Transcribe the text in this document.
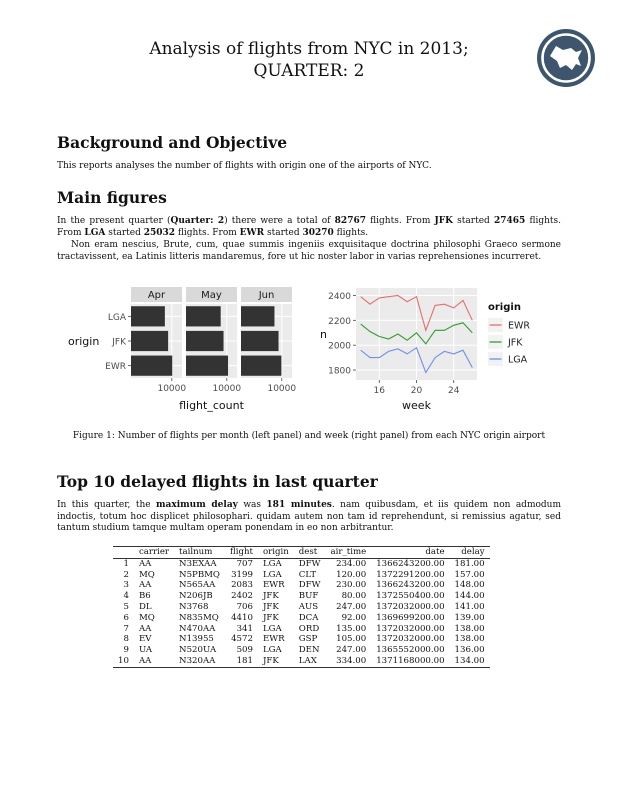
Analysis of flights from NYC in 2013;
QUARTER: 2
Background and Objective
This reports analyses the number of flights with origin one of the airports of NYC.
Main figures
In the present quarter (Quarter: 2) there were a total of 82767 flights. From JFK started 27465 flights. From LGA started 25032 flights. From EWR started 30270 flights.
Non eram nescius, Brute, cum, quae summis ingeniis exquisitaque doctrina philosophi Graeco sermone tractavissent, ea Latinis litteris mandaremus, fore ut hic noster labor in varias reprehensiones incurreret.
Apr
10000
May
10000
Jun
10000
LGA
JFK
EWR
origin
flight_count
1800
2000
2200
2400
16	20	24
n
week
origin
EWR
JFK
LGA
Figure 1: Number of flights per month (left panel) and week (right panel) from each NYC origin airport
Top 10 delayed flights in last quarter
In this quarter, the maximum delay was 181 minutes. nam quibusdam, et iis quidem non admodum indoctis, totum hoc displicet philosophari. quidam autem non tam id reprehendunt, si remissius agatur, sed tantum studium tamque multam operam ponendam in eo non arbitrantur.
	carrier	tailnum	flight	origin	dest	air_time	date	delay
1	AA	N3EXAA	707	LGA	DFW	234.00	1366243200.00	181.00
2	MQ	N5PBMQ	3199	LGA	CLT	120.00	1372291200.00	157.00
3	AA	N565AA	2083	EWR	DFW	230.00	1366243200.00	148.00
4	B6	N206JB	2402	JFK	BUF	80.00	1372550400.00	144.00
5	DL	N3768	706	JFK	AUS	247.00	1372032000.00	141.00
6	MQ	N835MQ	4410	JFK	DCA	92.00	1369699200.00	139.00
7	AA	N470AA	341	LGA	ORD	135.00	1372032000.00	138.00
8	EV	N13955	4572	EWR	GSP	105.00	1372032000.00	138.00
9	UA	N520UA	509	LGA	DEN	247.00	1365552000.00	136.00
10	AA	N320AA	181	JFK	LAX	334.00	1371168000.00	134.00
